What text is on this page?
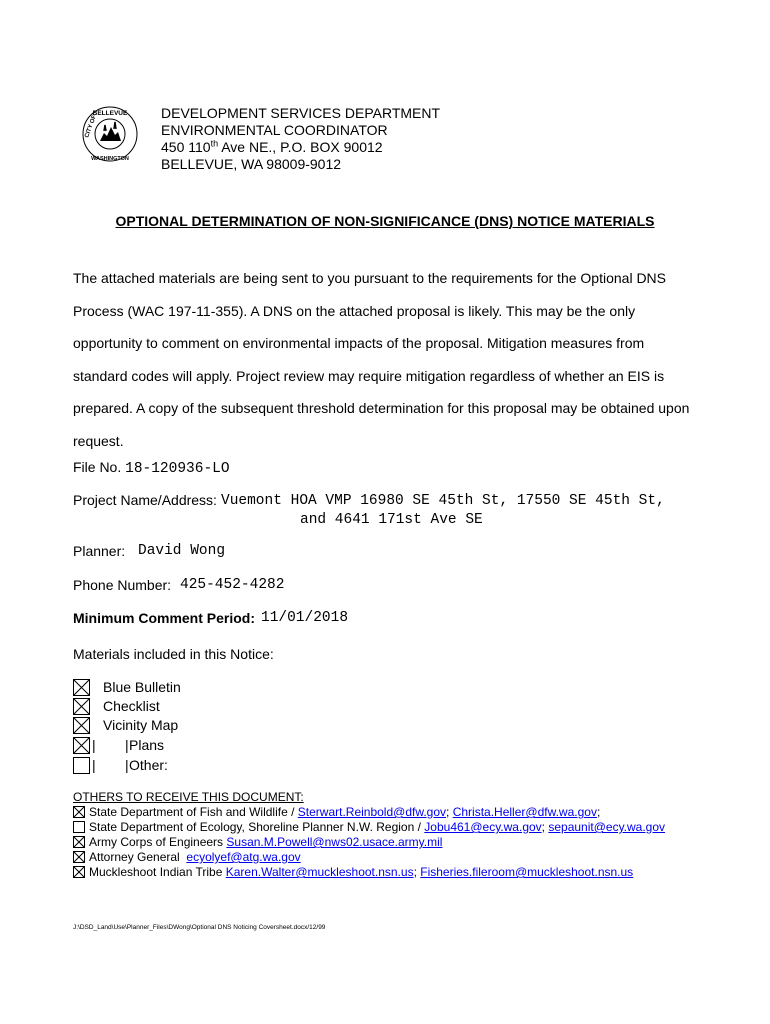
BELLEVUE
CITY OF
WASHINGTON
DEVELOPMENT SERVICES DEPARTMENT
ENVIRONMENTAL COORDINATOR
450 110th Ave NE., P.O. BOX 90012
BELLEVUE, WA 98009-9012
OPTIONAL DETERMINATION OF NON-SIGNIFICANCE (DNS) NOTICE MATERIALS
The attached materials are being sent to you pursuant to the requirements for the Optional DNS
Process (WAC 197-11-355). A DNS on the attached proposal is likely. This may be the only
opportunity to comment on environmental impacts of the proposal. Mitigation measures from
standard codes will apply. Project review may require mitigation regardless of whether an EIS is
prepared. A copy of the subsequent threshold determination for this proposal may be obtained upon
request.
File No. 18-120936-LO
Project Name/Address: Vuemont HOA VMP 16980 SE 45th St, 17550 SE 45th St,
and 4641 171st Ave SE
Planner: David Wong
Phone Number: 425-452-4282
Minimum Comment Period: 11/01/2018
Materials included in this Notice:
Blue Bulletin
Checklist
Vicinity Map
| | Plans
| | Other:
OTHERS TO RECEIVE THIS DOCUMENT:
State Department of Fish and Wildlife / Sterwart.Reinbold@dfw.gov; Christa.Heller@dfw.wa.gov;
State Department of Ecology, Shoreline Planner N.W. Region / Jobu461@ecy.wa.gov; sepaunit@ecy.wa.gov
Army Corps of Engineers Susan.M.Powell@nws02.usace.army.mil
Attorney General  ecyolyef@atg.wa.gov
Muckleshoot Indian Tribe Karen.Walter@muckleshoot.nsn.us; Fisheries.fileroom@muckleshoot.nsn.us
J:\DSD_Land\Use\Planner_Files\DWong\Optional DNS Noticing Coversheet.docx/12/99
